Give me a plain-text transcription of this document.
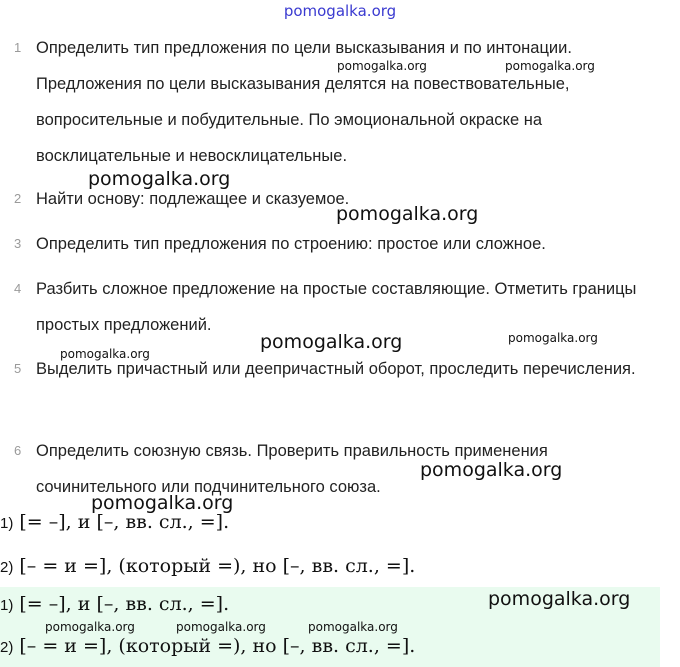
pomogalka.org
1 Определить тип предложения по цели высказывания и по интонации. Предложения по цели высказывания делятся на повествовательные, вопросительные и побудительные. По эмоциональной окраске на восклицательные и невосклицательные.
2 Найти основу: подлежащее и сказуемое.
3 Определить тип предложения по строению: простое или сложное.
4 Разбить сложное предложение на простые составляющие. Отметить границы простых предложений.
5 Выделить причастный или деепричастный оборот, проследить перечисления.
6 Определить союзную связь. Проверить правильность применения сочинительного или подчинительного союза.
1) [= –], и [–, вв. сл., =].
2) [– = и =], (который =), но [–, вв. сл., =].
1) [= –], и [–, вв. сл., =].
2) [– = и =], (который =), но [–, вв. сл., =].
pomogalka.org	pomogalka.org
pomogalka.org
pomogalka.org
pomogalka.org	pomogalka.org
pomogalka.org
pomogalka.org
pomogalka.org
pomogalka.org
pomogalka.org	pomogalka.org	pomogalka.org
